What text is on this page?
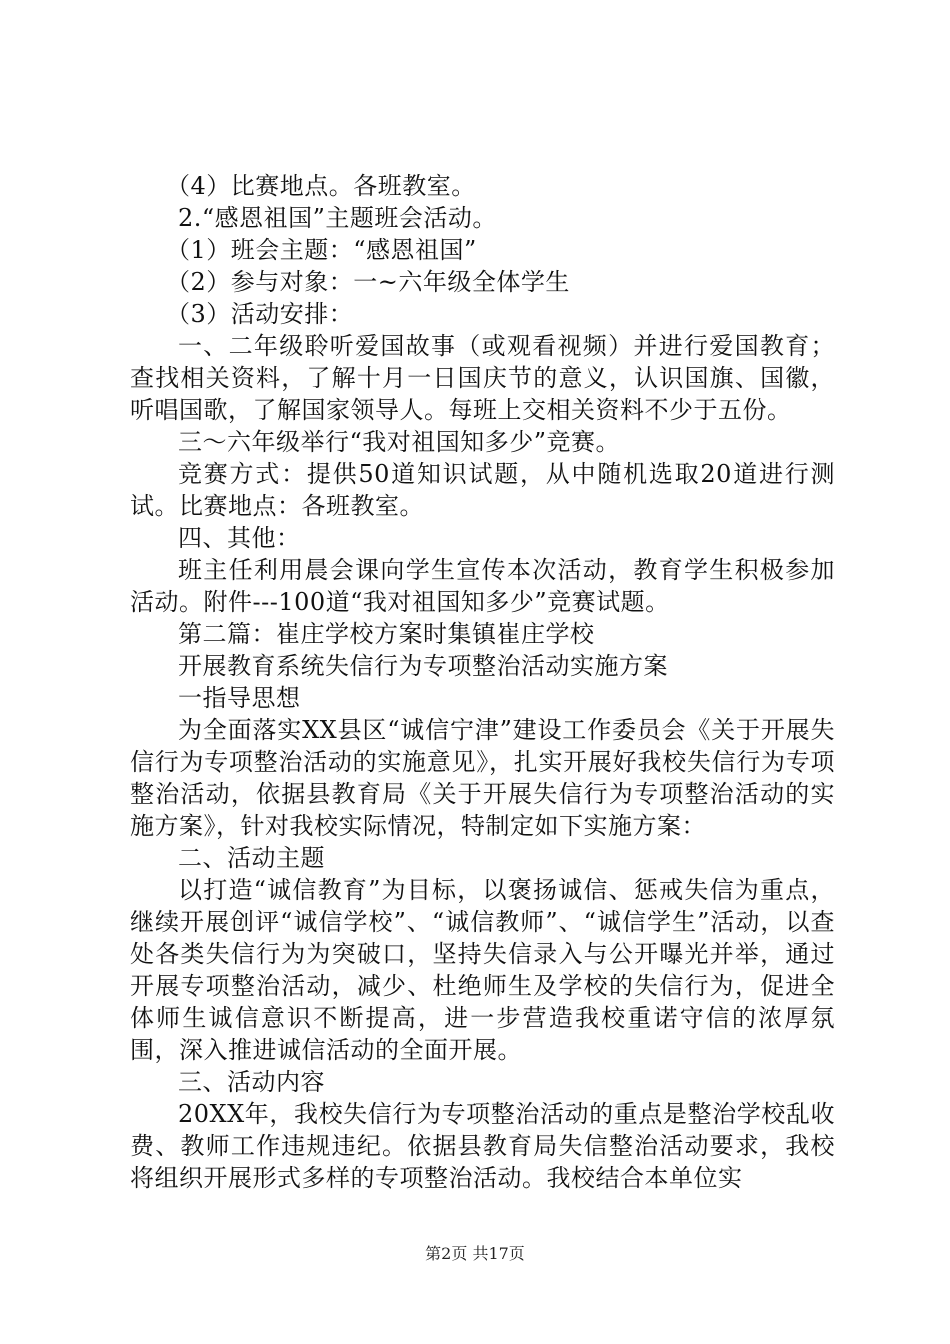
（4）比赛地点。各班教室。

2.“感恩祖国”主题班会活动。

（1）班会主题：“感恩祖国”

（2）参与对象：一~六年级全体学生

（3）活动安排：

一、二年级聆听爱国故事（或观看视频）并进行爱国教育；查找相关资料，了解十月一日国庆节的意义，认识国旗、国徽，听唱国歌，了解国家领导人。每班上交相关资料不少于五份。

三～六年级举行“我对祖国知多少”竞赛。

竞赛方式：提供50道知识试题，从中随机选取20道进行测试。比赛地点：各班教室。

四、其他：

班主任利用晨会课向学生宣传本次活动，教育学生积极参加活动。附件---100道“我对祖国知多少”竞赛试题。

第二篇：崔庄学校方案时集镇崔庄学校

开展教育系统失信行为专项整治活动实施方案

一指导思想

为全面落实XX县区“诚信宁津”建设工作委员会《关于开展失信行为专项整治活动的实施意见》，扎实开展好我校失信行为专项整治活动，依据县教育局《关于开展失信行为专项整治活动的实施方案》，针对我校实际情况，特制定如下实施方案：

二、活动主题

以打造“诚信教育”为目标，以褒扬诚信、惩戒失信为重点，继续开展创评“诚信学校”、“诚信教师”、“诚信学生”活动，以查处各类失信行为为突破口，坚持失信录入与公开曝光并举，通过开展专项整治活动，减少、杜绝师生及学校的失信行为，促进全体师生诚信意识不断提高，进一步营造我校重诺守信的浓厚氛围，深入推进诚信活动的全面开展。

三、活动内容

20XX年，我校失信行为专项整治活动的重点是整治学校乱收费、教师工作违规违纪。依据县教育局失信整治活动要求，我校将组织开展形式多样的专项整治活动。我校结合本单位实

第2页 共17页
